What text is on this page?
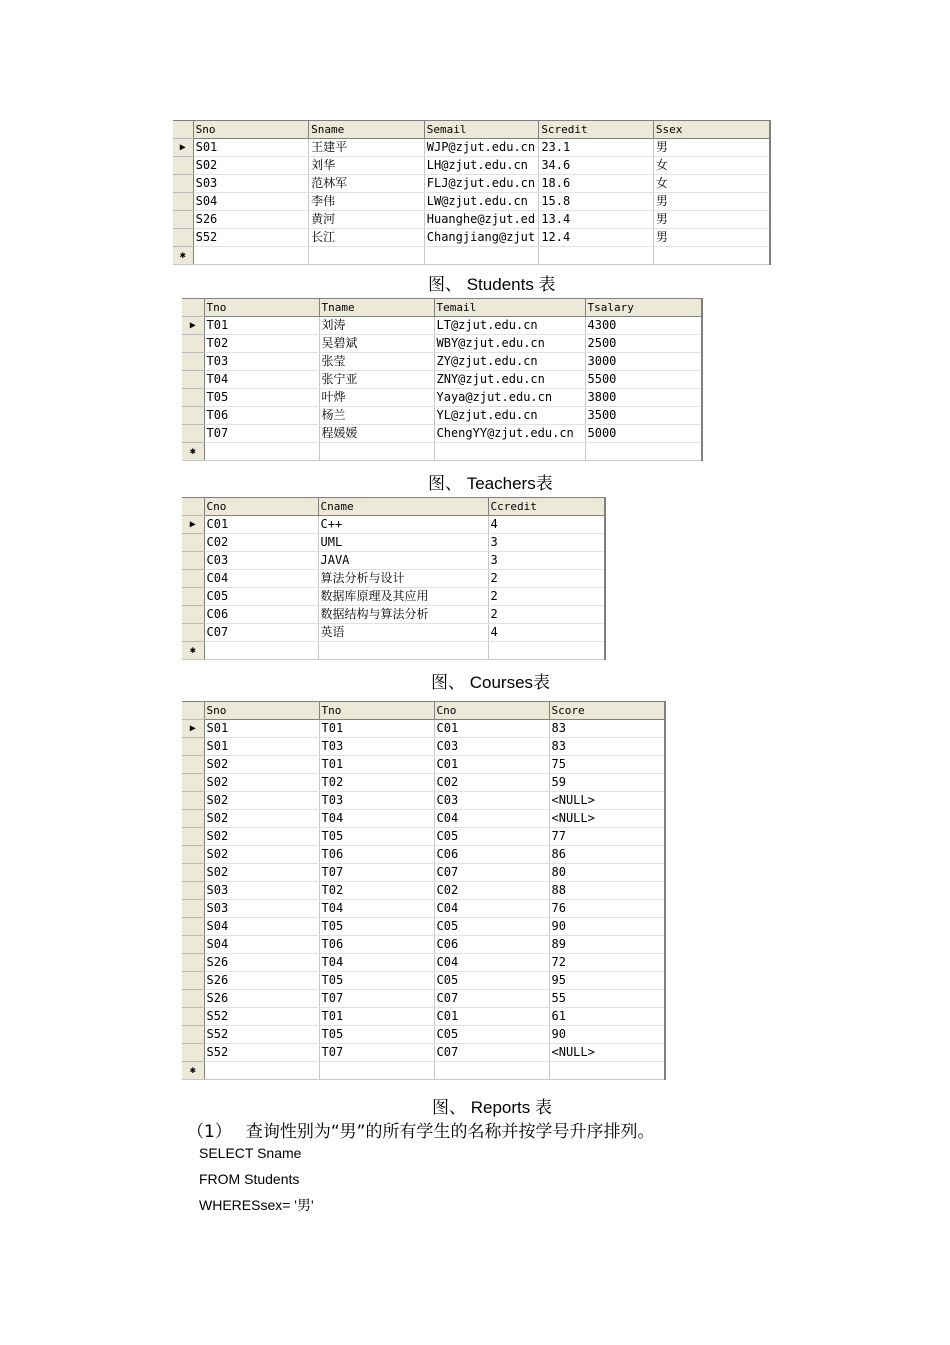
	Sno	Sname	Semail	Scredit	Ssex
▶	S01	王建平	WJP@zjut.edu.cn	23.1	男
	S02	刘华	LH@zjut.edu.cn	34.6	女
	S03	范林军	FLJ@zjut.edu.cn	18.6	女
	S04	李伟	LW@zjut.edu.cn	15.8	男
	S26	黄河	Huanghe@zjut.ed	13.4	男
	S52	长江	Changjiang@zjut	12.4	男
✱					
图、 Students 表
	Tno	Tname	Temail	Tsalary
▶	T01	刘涛	LT@zjut.edu.cn	4300
	T02	吴碧斌	WBY@zjut.edu.cn	2500
	T03	张莹	ZY@zjut.edu.cn	3000
	T04	张宁亚	ZNY@zjut.edu.cn	5500
	T05	叶烨	Yaya@zjut.edu.cn	3800
	T06	杨兰	YL@zjut.edu.cn	3500
	T07	程媛媛	ChengYY@zjut.edu.cn	5000
✱				
图、 Teachers表
	Cno	Cname	Ccredit
▶	C01	C++	4
	C02	UML	3
	C03	JAVA	3
	C04	算法分析与设计	2
	C05	数据库原理及其应用	2
	C06	数据结构与算法分析	2
	C07	英语	4
✱			
图、 Courses表
	Sno	Tno	Cno	Score
▶	S01	T01	C01	83
	S01	T03	C03	83
	S02	T01	C01	75
	S02	T02	C02	59
	S02	T03	C03	<NULL>
	S02	T04	C04	<NULL>
	S02	T05	C05	77
	S02	T06	C06	86
	S02	T07	C07	80
	S03	T02	C02	88
	S03	T04	C04	76
	S04	T05	C05	90
	S04	T06	C06	89
	S26	T04	C04	72
	S26	T05	C05	95
	S26	T07	C07	55
	S52	T01	C01	61
	S52	T05	C05	90
	S52	T07	C07	<NULL>
✱				
图、 Reports 表
（1） 查询性别为“男”的所有学生的名称并按学号升序排列。
SELECT Sname
FROM Students
WHERESsex= '男'
